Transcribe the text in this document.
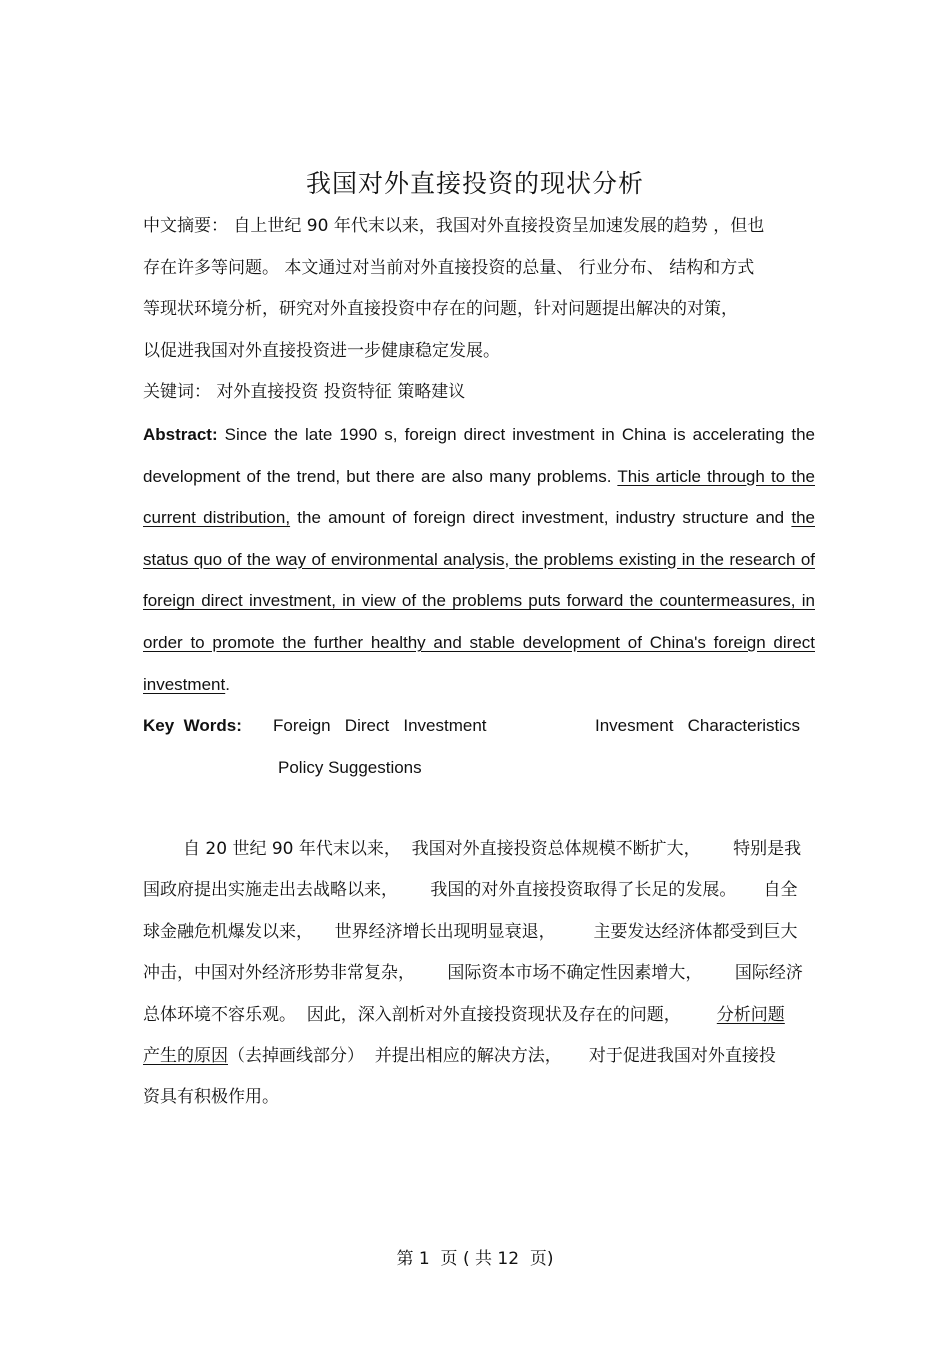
我国对外直接投资的现状分析

中文摘要： 自上世纪 90 年代末以来，我国对外直接投资呈加速发展的趋势 ，但也

存在许多等问题。 本文通过对当前对外直接投资的总量、 行业分布、 结构和方式

等现状环境分析，研究对外直接投资中存在的问题，针对问题提出解决的对策，

以促进我国对外直接投资进一步健康稳定发展。

关键词： 对外直接投资 投资特征 策略建议

Abstract: Since the late 1990 s, foreign direct investment in China is accelerating the development of the trend, but there are also many problems. This article through to the current distribution, the amount of foreign direct investment, industry structure and the status quo of the way of environmental analysis, the problems existing in the research of foreign direct investment, in view of the problems puts forward the countermeasures, in order to promote the further healthy and stable development of China's foreign direct investment.

Key  Words: Foreign   Direct   Investment	Invesment   Characteristics
Policy Suggestions

自 20 世纪 90 年代末以来，  我国对外直接投资总体规模不断扩大，      特别是我

国政府提出实施走出去战略以来，      我国的对外直接投资取得了长足的发展。     自全

球金融危机爆发以来，    世界经济增长出现明显衰退，       主要发达经济体都受到巨大

冲击，中国对外经济形势非常复杂，      国际资本市场不确定性因素增大，      国际经济

总体环境不容乐观。  因此，深入剖析对外直接投资现状及存在的问题， 分析问题

产生的原因（去掉画线部分）  并提出相应的解决方法，     对于促进我国对外直接投

资具有积极作用。

第 1  页 ( 共 12  页)
